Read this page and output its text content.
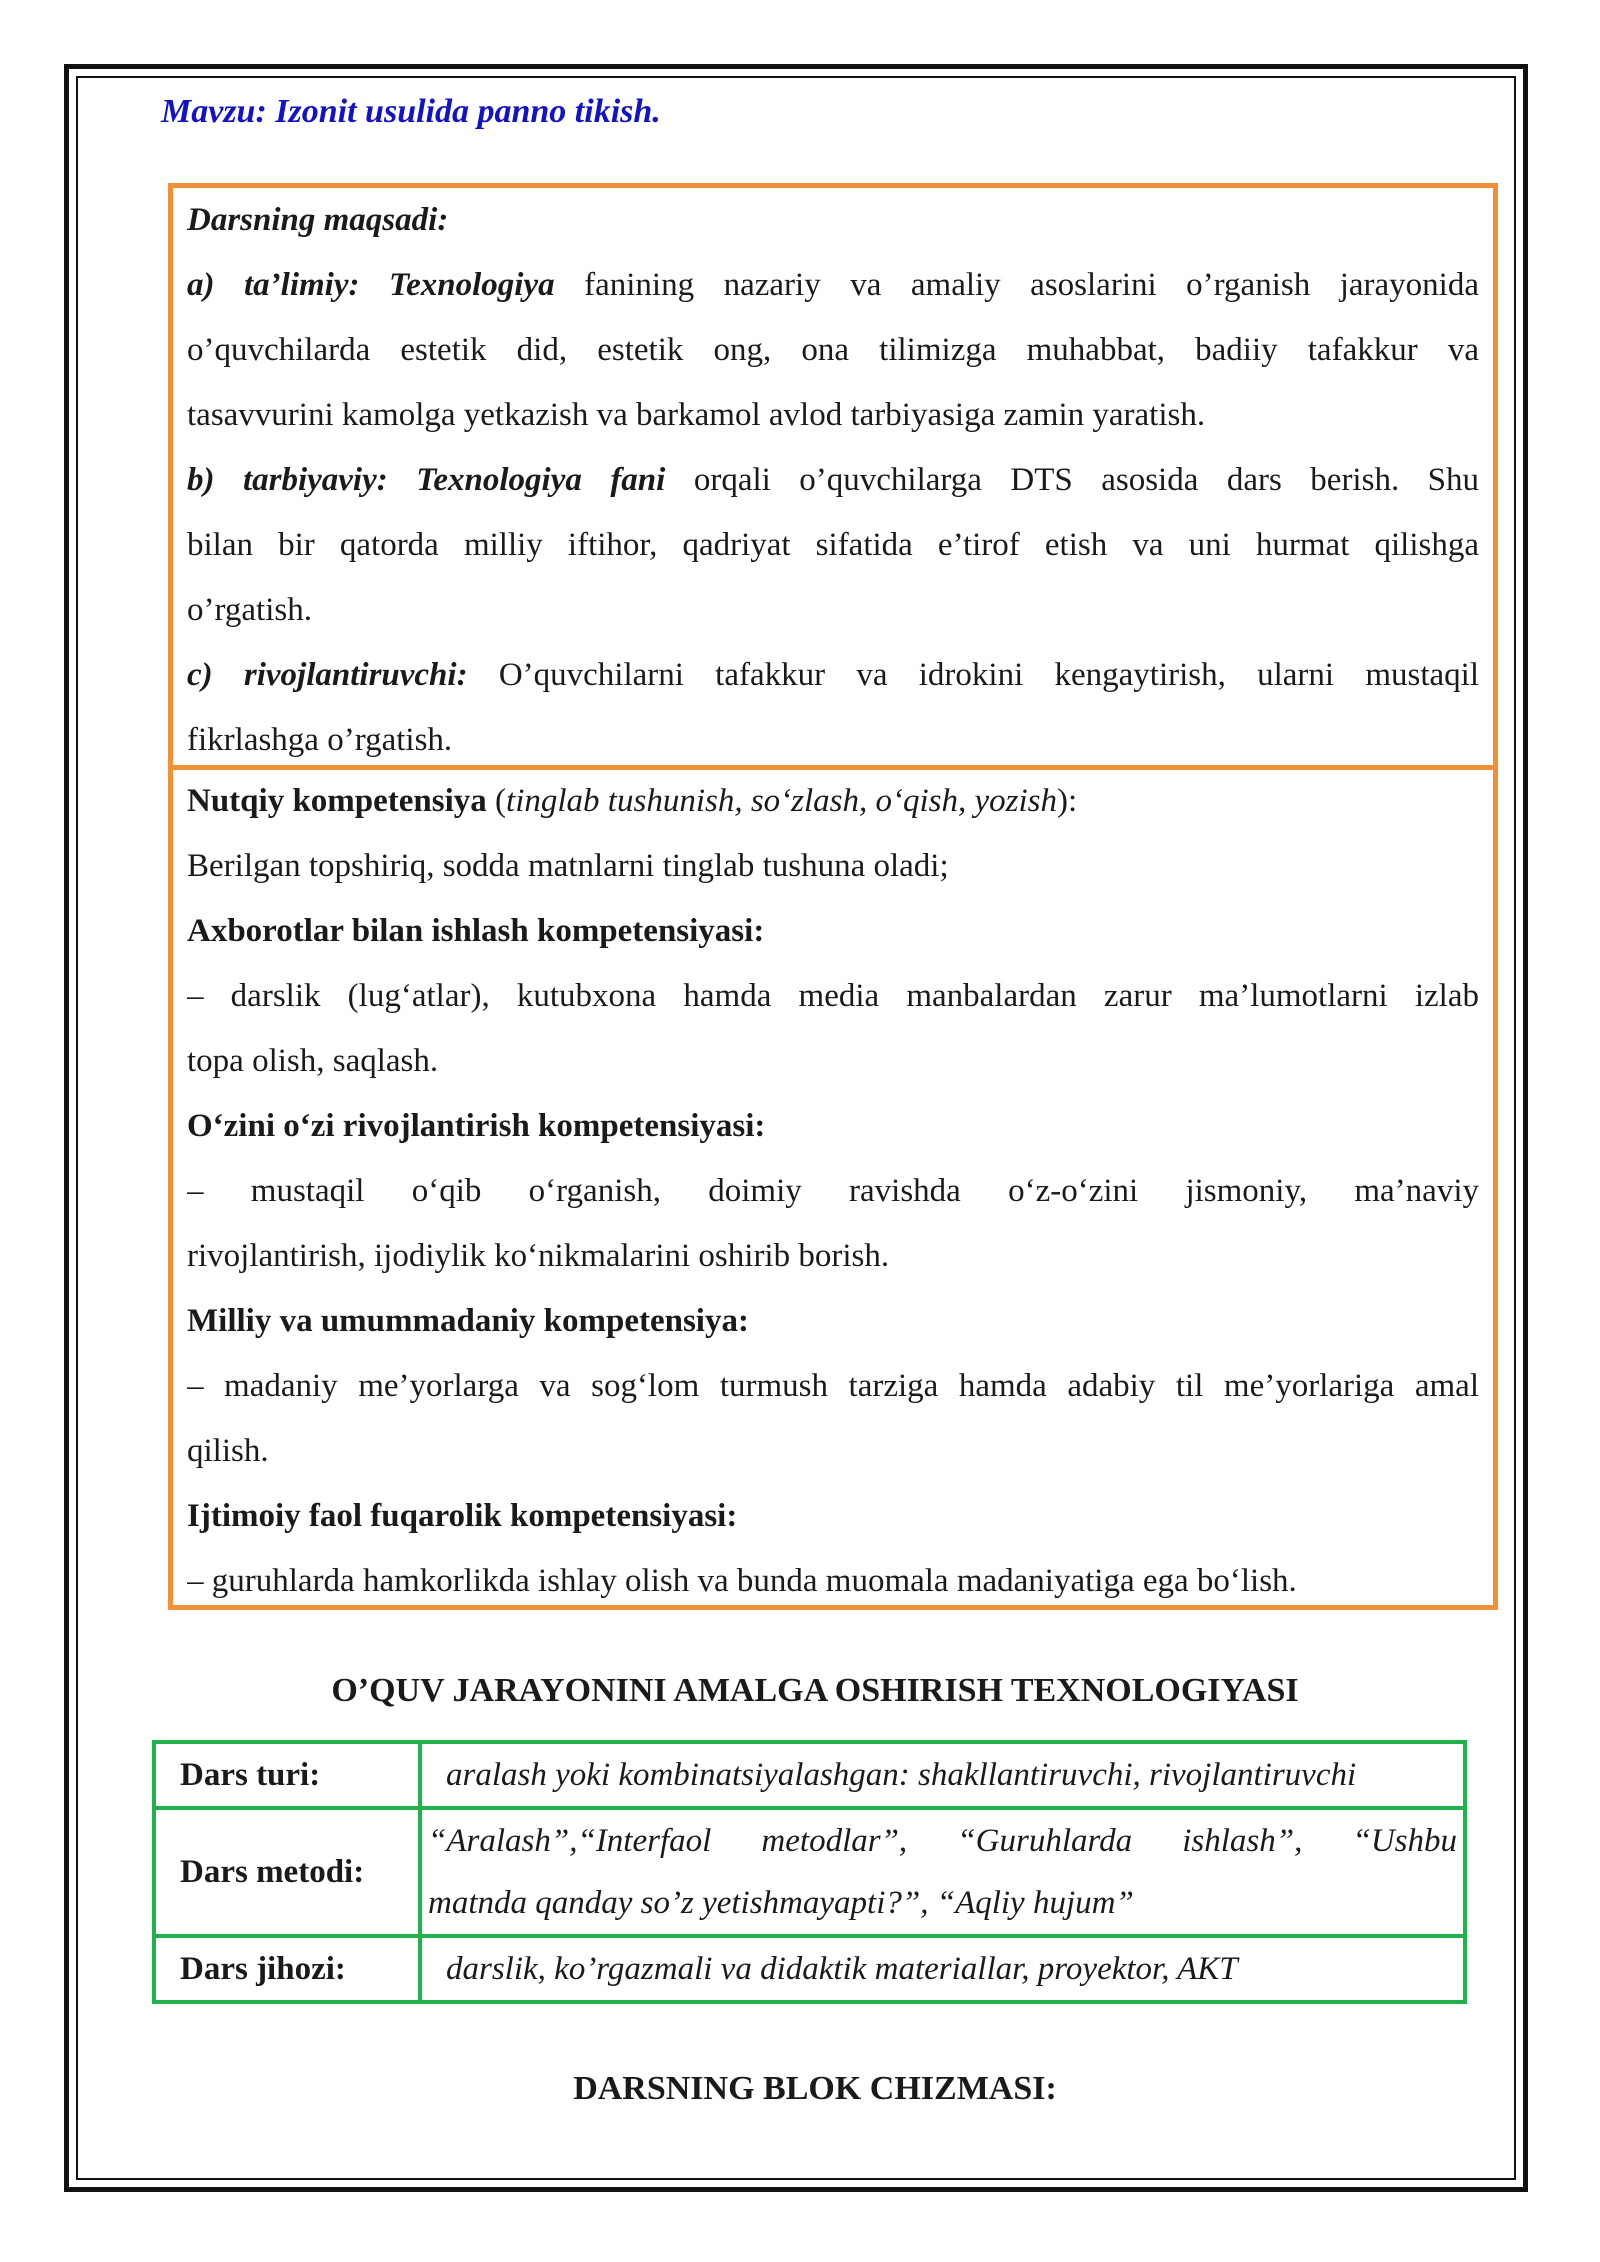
Mavzu: Izonit usulida panno tikish.
Darsning maqsadi:
a) ta’limiy: Texnologiya fanining nazariy va amaliy asoslarini o’rganish jarayonida
o’quvchilarda estetik did, estetik ong, ona tilimizga muhabbat, badiiy tafakkur va
tasavvurini kamolga yetkazish va barkamol avlod tarbiyasiga zamin yaratish.
b) tarbiyaviy: Texnologiya fani orqali o’quvchilarga DTS asosida dars berish. Shu
bilan bir qatorda milliy iftihor, qadriyat sifatida e’tirof etish va uni hurmat qilishga
o’rgatish.
c) rivojlantiruvchi: O’quvchilarni tafakkur va idrokini kengaytirish, ularni mustaqil
fikrlashga o’rgatish.
Nutqiy kompetensiya (tinglab tushunish, so‘zlash, o‘qish, yozish):
Berilgan topshiriq, sodda matnlarni tinglab tushuna oladi;
Axborotlar bilan ishlash kompetensiyasi:
– darslik (lug‘atlar), kutubxona hamda media manbalardan zarur ma’lumotlarni izlab
topa olish, saqlash.
O‘zini o‘zi rivojlantirish kompetensiyasi:
– mustaqil o‘qib o‘rganish, doimiy ravishda o‘z-o‘zini jismoniy, ma’naviy
rivojlantirish, ijodiylik ko‘nikmalarini oshirib borish.
Milliy va umummadaniy kompetensiya:
– madaniy me’yorlarga va sog‘lom turmush tarziga hamda adabiy til me’yorlariga amal
qilish.
Ijtimoiy faol fuqarolik kompetensiyasi:
– guruhlarda hamkorlikda ishlay olish va bunda muomala madaniyatiga ega bo‘lish.
O’QUV JARAYONINI AMALGA OSHIRISH TEXNOLOGIYASI
Dars turi:	aralash yoki kombinatsiyalashgan: shakllantiruvchi, rivojlantiruvchi

Dars metodi:	“Aralash”,“Interfaol metodlar”, “Guruhlarda ishlash”, “Ushbu
matnda qanday so’z yetishmayapti?”, “Aqliy hujum”

Dars jihozi:	darslik, ko’rgazmali va didaktik materiallar, proyektor, AKT
DARSNING BLOK CHIZMASI:
